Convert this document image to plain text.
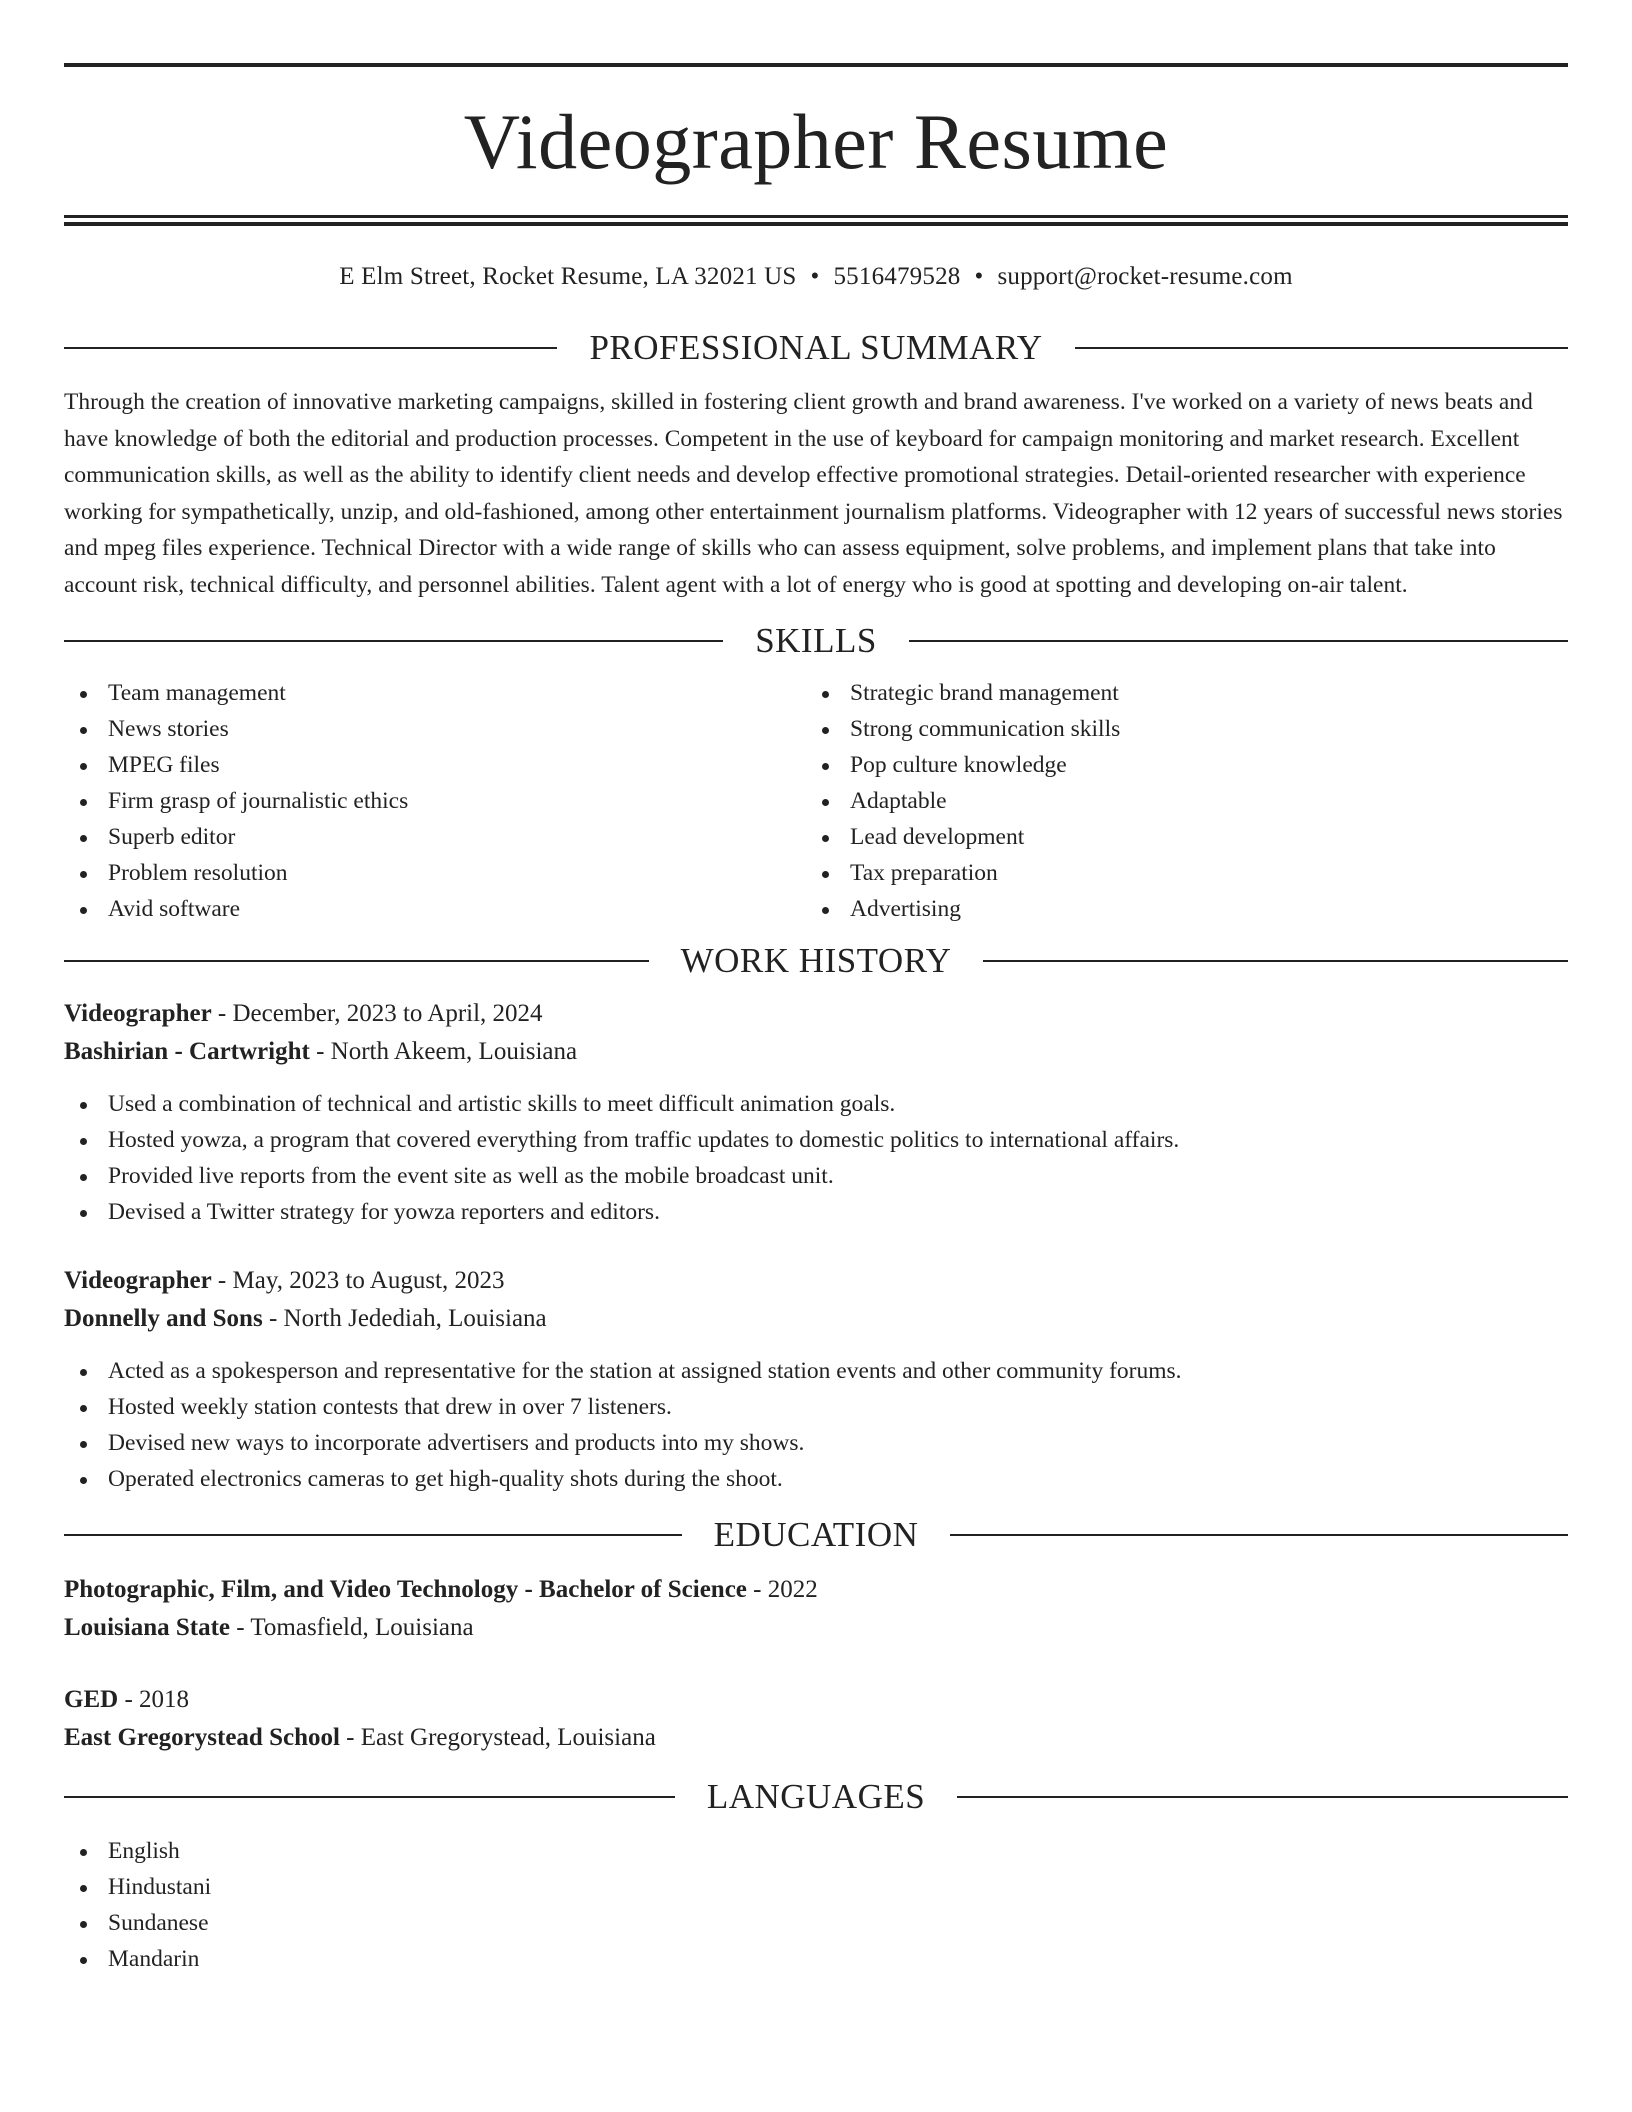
Videographer Resume
E Elm Street, Rocket Resume, LA 32021 US • 5516479528 • support@rocket-resume.com
PROFESSIONAL SUMMARY

Through the creation of innovative marketing campaigns, skilled in fostering client growth and brand awareness. I've worked on a variety of news beats and have knowledge of both the editorial and production processes. Competent in the use of keyboard for campaign monitoring and market research. Excellent communication skills, as well as the ability to identify client needs and develop effective promotional strategies. Detail-oriented researcher with experience working for sympathetically, unzip, and old-fashioned, among other entertainment journalism platforms. Videographer with 12 years of successful news stories and mpeg files experience. Technical Director with a wide range of skills who can assess equipment, solve problems, and implement plans that take into account risk, technical difficulty, and personnel abilities. Talent agent with a lot of energy who is good at spotting and developing on-air talent.

SKILLS
Team management
News stories
MPEG files
Firm grasp of journalistic ethics
Superb editor
Problem resolution
Avid software
Strategic brand management
Strong communication skills
Pop culture knowledge
Adaptable
Lead development
Tax preparation
Advertising
WORK HISTORY
Videographer - December, 2023 to April, 2024
Bashirian - Cartwright - North Akeem, Louisiana
Used a combination of technical and artistic skills to meet difficult animation goals.
Hosted yowza, a program that covered everything from traffic updates to domestic politics to international affairs.
Provided live reports from the event site as well as the mobile broadcast unit.
Devised a Twitter strategy for yowza reporters and editors.
Videographer - May, 2023 to August, 2023
Donnelly and Sons - North Jedediah, Louisiana
Acted as a spokesperson and representative for the station at assigned station events and other community forums.
Hosted weekly station contests that drew in over 7 listeners.
Devised new ways to incorporate advertisers and products into my shows.
Operated electronics cameras to get high-quality shots during the shoot.
EDUCATION
Photographic, Film, and Video Technology - Bachelor of Science - 2022
Louisiana State - Tomasfield, Louisiana
GED - 2018
East Gregorystead School - East Gregorystead, Louisiana
LANGUAGES
English
Hindustani
Sundanese
Mandarin
